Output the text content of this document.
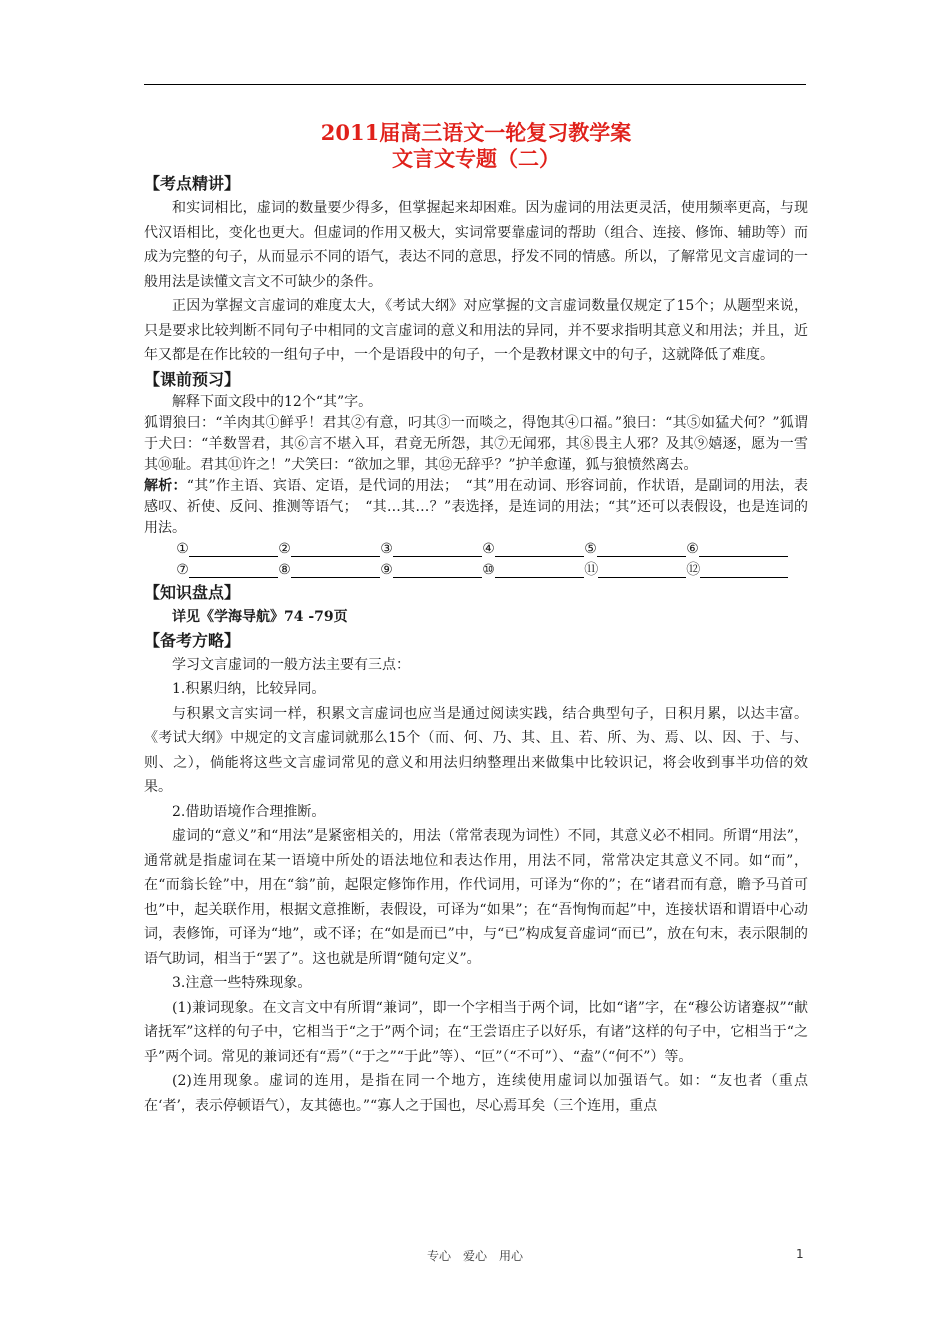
2011届高三语文一轮复习教学案
文言文专题（二）
【考点精讲】

和实词相比，虚词的数量要少得多，但掌握起来却困难。因为虚词的用法更灵活，使用频率更高，与现代汉语相比，变化也更大。但虚词的作用又极大，实词常要靠虚词的帮助（组合、连接、修饰、辅助等）而成为完整的句子，从而显示不同的语气，表达不同的意思，抒发不同的情感。所以，了解常见文言虚词的一般用法是读懂文言文不可缺少的条件。

正因为掌握文言虚词的难度太大，《考试大纲》对应掌握的文言虚词数量仅规定了15个；从题型来说，只是要求比较判断不同句子中相同的文言虚词的意义和用法的异同，并不要求指明其意义和用法；并且，近年又都是在作比较的一组句子中，一个是语段中的句子，一个是教材课文中的句子，这就降低了难度。

【课前预习】

解释下面文段中的12个“其”字。

狐谓狼曰：“羊肉其①鲜乎！君其②有意，叼其③一而啖之，得饱其④口福。”狼曰：“其⑤如猛犬何？”狐谓于犬曰：“羊数詈君，其⑥言不堪入耳，君竟无所怨，其⑦无闻邪，其⑧畏主人邪？及其⑨嬉逐，愿为一雪其⑩耻。君其⑪许之！”犬笑曰：“欲加之罪，其⑫无辞乎？”护羊愈谨，狐与狼愤然离去。

解析：“其”作主语、宾语、定语，是代词的用法；　“其”用在动词、形容词前，作状语，是副词的用法，表感叹、祈使、反问、推测等语气；　“其…其…？”表选择，是连词的用法；“其”还可以表假设，也是连词的用法。

①	②	③	④	⑤	⑥
⑦	⑧	⑨	⑩	⑪	⑫
【知识盘点】
详见《学海导航》74 -79页
【备考方略】

学习文言虚词的一般方法主要有三点：

1.积累归纳，比较异同。

与积累文言实词一样，积累文言虚词也应当是通过阅读实践，结合典型句子，日积月累，以达丰富。《考试大纲》中规定的文言虚词就那么15个（而、何、乃、其、且、若、所、为、焉、以、因、于、与、则、之），倘能将这些文言虚词常见的意义和用法归纳整理出来做集中比较识记，将会收到事半功倍的效果。

2.借助语境作合理推断。

虚词的“意义”和“用法”是紧密相关的，用法（常常表现为词性）不同，其意义必不相同。所谓“用法”，通常就是指虚词在某一语境中所处的语法地位和表达作用，用法不同，常常决定其意义不同。如“而”，在“而翁长铨”中，用在“翁”前，起限定修饰作用，作代词用，可译为“你的”；在“诸君而有意，瞻予马首可也”中，起关联作用，根据文意推断，表假设，可译为“如果”；在“吾恂恂而起”中，连接状语和谓语中心动词，表修饰，可译为“地”，或不译；在“如是而已”中，与“已”构成复音虚词“而已”，放在句末，表示限制的语气助词，相当于“罢了”。这也就是所谓“随句定义”。

3.注意一些特殊现象。

(1)兼词现象。在文言文中有所谓“兼词”，即一个字相当于两个词，比如“诸”字，在“穆公访诸蹇叔”“献诸抚军”这样的句子中，它相当于“之于”两个词；在“王尝语庄子以好乐，有诸”这样的句子中，它相当于“之乎”两个词。常见的兼词还有“焉”（“于之”“于此”等）、“叵”（“不可”）、“盍”（“何不”）等。

(2)连用现象。虚词的连用，是指在同一个地方，连续使用虚词以加强语气。如：“友也者（重点在‘者’，表示停顿语气），友其德也。”“寡人之于国也，尽心焉耳矣（三个连用，重点

专心　爱心　用心	1
